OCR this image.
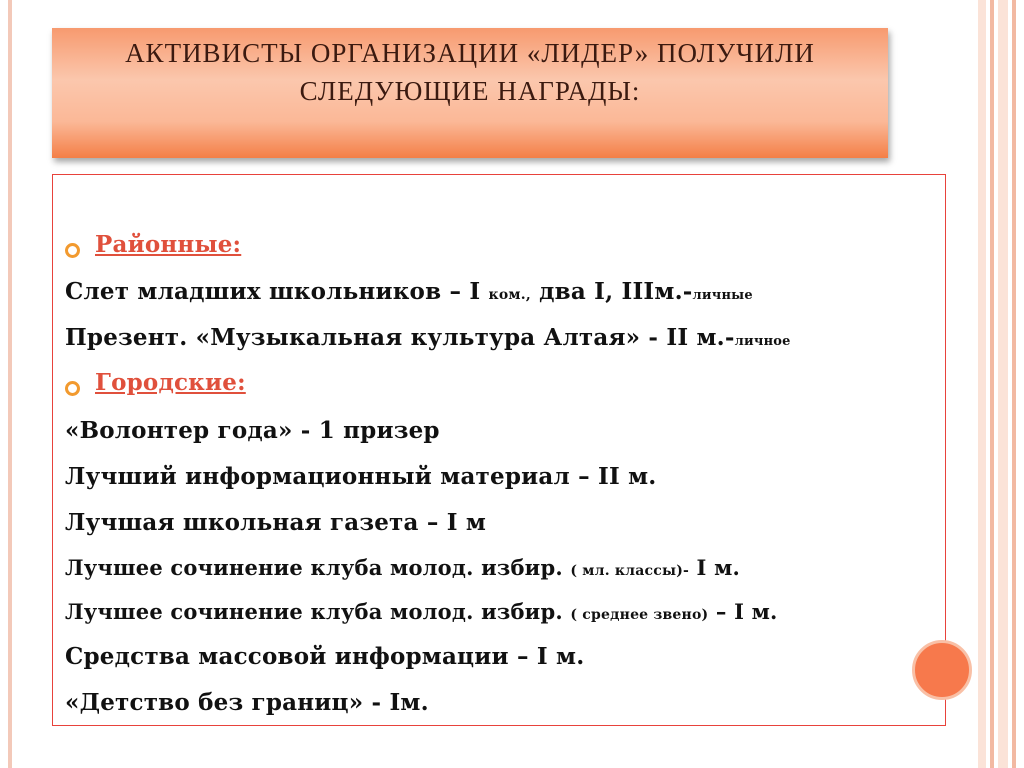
АКТИВИСТЫ ОРГАНИЗАЦИИ «ЛИДЕР» ПОЛУЧИЛИ

СЛЕДУЮЩИЕ НАГРАДЫ:

Районные:

Слет младших школьников – I ком., два I, IIIм.-личные

Презент. «Музыкальная культура Алтая» - II м.-личное

Городские:

«Волонтер года» - 1 призер

Лучший информационный материал – II м.

Лучшая школьная газета – I м

Лучшее сочинение клуба молод. избир. ( мл. классы)- I м.

Лучшее сочинение клуба молод. избир. ( среднее звено) – I м.

Средства массовой информации – I м.

«Детство без границ» - Iм.
